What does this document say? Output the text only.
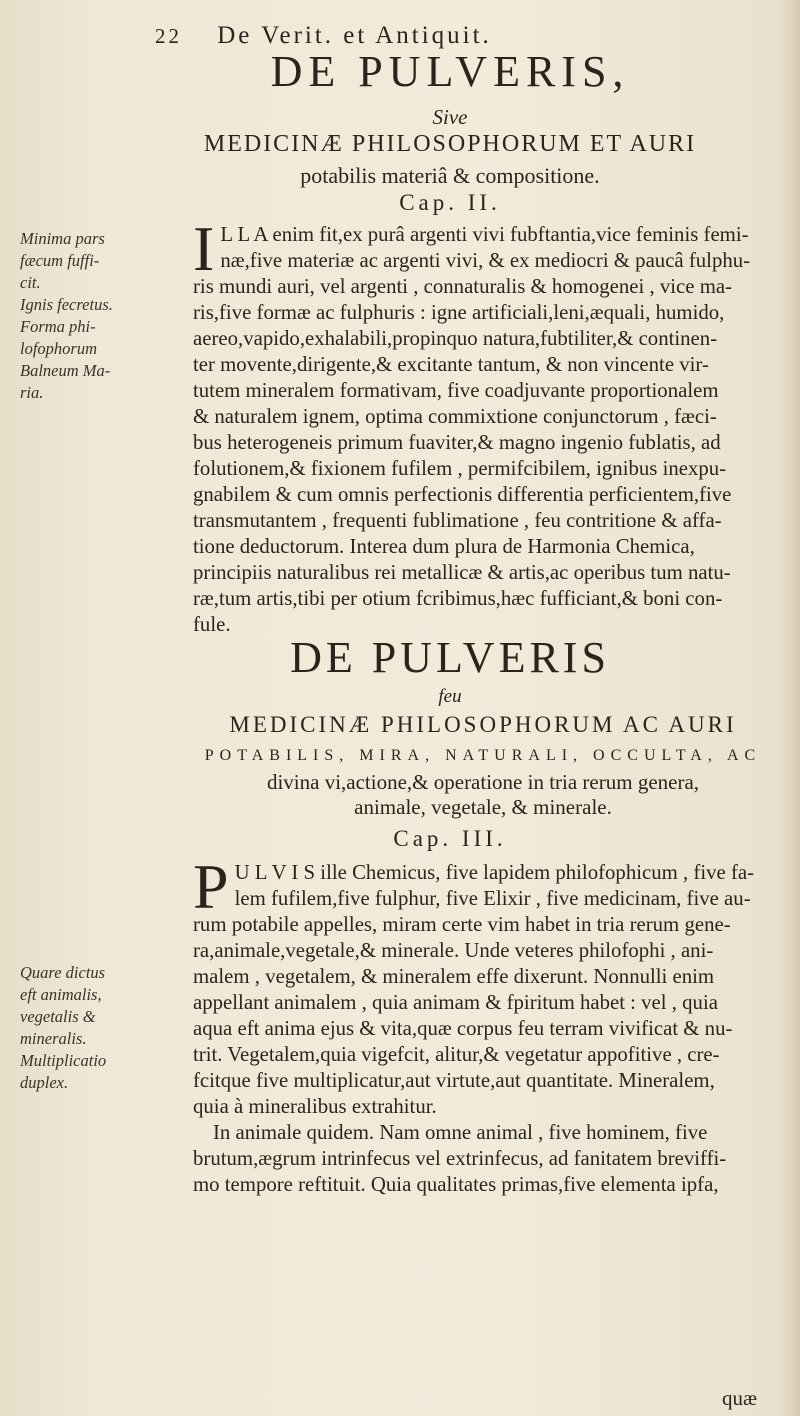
22 De Verit. et Antiquit.
DE PULVERIS,
Sive
MEDICINÆ PHILOSOPHORUM ET AURI
potabilis materiâ & compositione.
Cap. II.
I L L A enim fit,ex purâ argenti vivi fubftantia,vice feminis femi-
næ,five materiæ ac argenti vivi, & ex mediocri & paucâ fulphu-
ris mundi auri, vel argenti , connaturalis & homogenei , vice ma-
ris,five formæ ac fulphuris : igne artificiali,leni,æquali, humido,
aereo,vapido,exhalabili,propinquo natura,fubtiliter,& continen-
ter movente,dirigente,& excitante tantum, & non vincente vir-
tutem mineralem formativam, five coadjuvante proportionalem
& naturalem ignem, optima commixtione conjunctorum , fæci-
bus heterogeneis primum fuaviter,& magno ingenio fublatis, ad
folutionem,& fixionem fufilem , permifcibilem, ignibus inexpu-
gnabilem & cum omnis perfectionis differentia perficientem,five
transmutantem , frequenti fublimatione , feu contritione & affa-
tione deductorum. Interea dum plura de Harmonia Chemica,
principiis naturalibus rei metallicæ & artis,ac operibus tum natu-
ræ,tum artis,tibi per otium fcribimus,hæc fufficiant,& boni con-
fule.
Minima pars
fæcum fuffi-
cit.
Ignis fecretus.
Forma phi-
lofophorum
Balneum Ma-
ria.
DE PULVERIS
feu
MEDICINÆ PHILOSOPHORUM AC AURI
POTABILIS, MIRA, NATURALI, OCCULTA, AC
divina vi,actione,& operatione in tria rerum genera,
animale, vegetale, & minerale.
Cap. III.
P U L V I S ille Chemicus, five lapidem philofophicum , five fa-
lem fufilem,five fulphur, five Elixir , five medicinam, five au-
rum potabile appelles, miram certe vim habet in tria rerum gene-
ra,animale,vegetale,& minerale. Unde veteres philofophi , ani-
malem , vegetalem, & mineralem effe dixerunt. Nonnulli enim
appellant animalem , quia animam & fpiritum habet : vel , quia
aqua eft anima ejus & vita,quæ corpus feu terram vivificat & nu-
trit. Vegetalem,quia vigefcit, alitur,& vegetatur appofitive , cre-
fcitque five multiplicatur,aut virtute,aut quantitate. Mineralem,
quia à mineralibus extrahitur.
In animale quidem. Nam omne animal , five hominem, five
brutum,ægrum intrinfecus vel extrinfecus, ad fanitatem breviffi-
mo tempore reftituit. Quia qualitates primas,five elementa ipfa,
Quare dictus
eft animalis,
vegetalis &
mineralis.
Multiplicatio
duplex.
quæ
